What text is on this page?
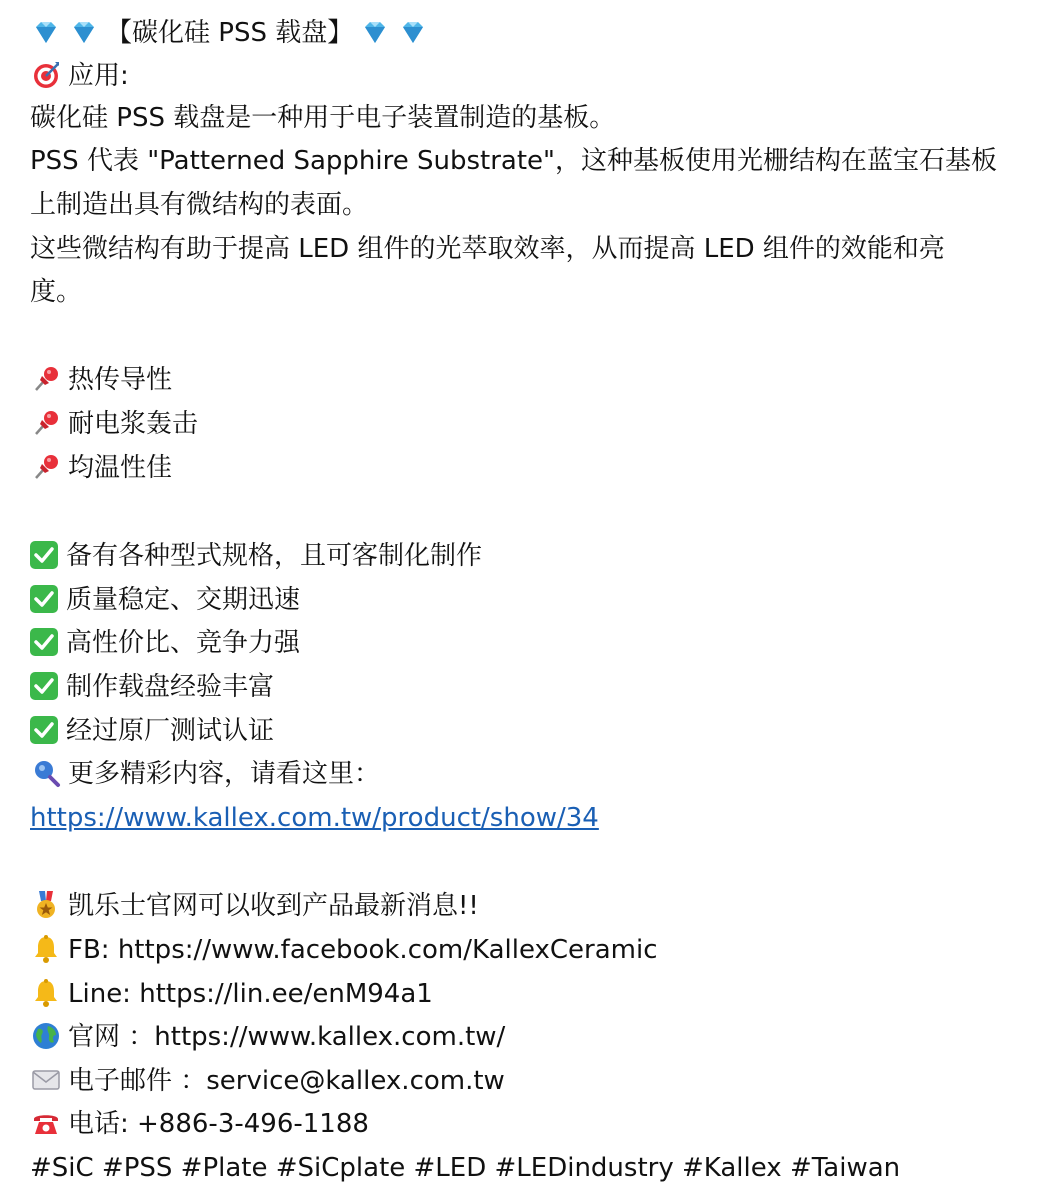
【碳化硅 PSS 载盘】
应用:
碳化硅 PSS 载盘是一种用于电子装置制造的基板。
PSS 代表 "Patterned Sapphire Substrate"，这种基板使用光栅结构在蓝宝石基板
上制造出具有微结构的表面。
这些微结构有助于提高 LED 组件的光萃取效率，从而提高 LED 组件的效能和亮
度。
热传导性
耐电浆轰击
均温性佳
备有各种型式规格，且可客制化制作
质量稳定、交期迅速
高性价比、竞争力强
制作载盘经验丰富
经过原厂测试认证
更多精彩内容，请看这里：
https://www.kallex.com.tw/product/show/34
凯乐士官网可以收到产品最新消息!!
FB: https://www.facebook.com/KallexCeramic
Line: https://lin.ee/enM94a1
官网 ：https://www.kallex.com.tw/
电子邮件 ：service@kallex.com.tw
电话: +886-3-496-1188
#SiC #PSS #Plate #SiCplate #LED #LEDindustry #Kallex #Taiwan
